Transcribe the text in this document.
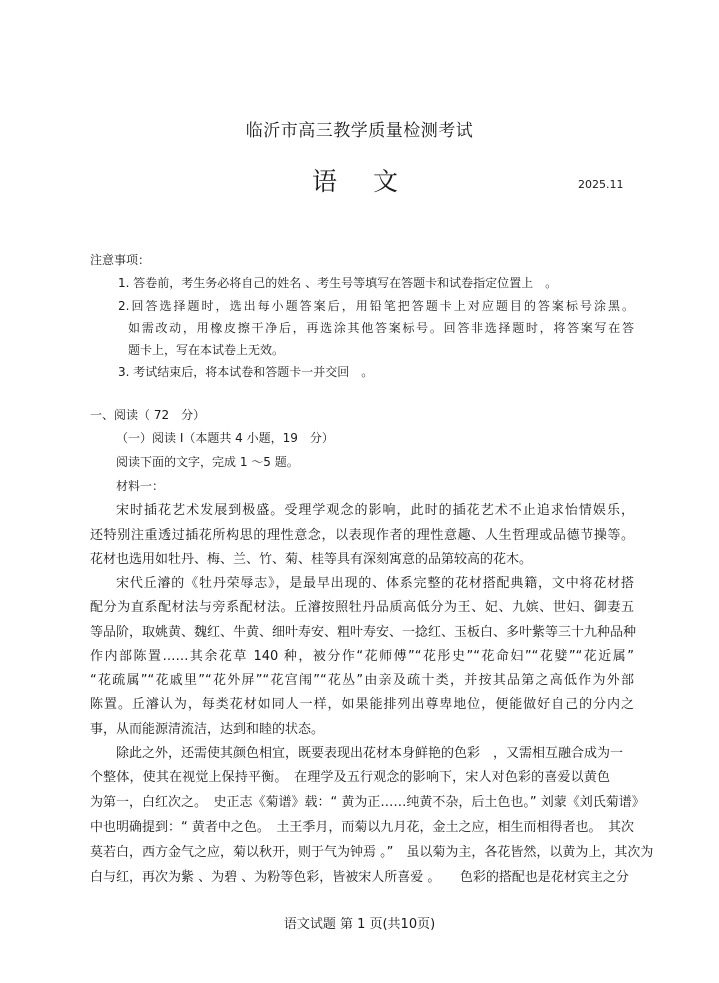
临沂市高三教学质量检测考试
语文	2025.11
注意事项：
1. 答卷前，考生务必将自己的姓名 、考生号等填写在答题卡和试卷指定位置上　。
2.回答选择题时，选出每小题答案后，用铅笔把答题卡上对应题目的答案标号涂黑。
如需改动，用橡皮擦干净后，再选涂其他答案标号。回答非选择题时，将答案写在答
题卡上，写在本试卷上无效。
3. 考试结束后，将本试卷和答题卡一并交回　。
一、阅读（ 72　分）
（一）阅读 Ⅰ（本题共 4 小题，19　分）
阅读下面的文字，完成 1 ～5 题。
材料一：
宋时插花艺术发展到极盛。受理学观念的影响，此时的插花艺术不止追求怡情娱乐，
还特别注重透过插花所构思的理性意念，以表现作者的理性意趣、人生哲理或品德节操等。
花材也选用如牡丹、梅、兰、竹、菊、桂等具有深刻寓意的品第较高的花木。
宋代丘濬的《牡丹荣辱志》，是最早出现的、体系完整的花材搭配典籍，文中将花材搭
配分为直系配材法与旁系配材法。丘濬按照牡丹品质高低分为王、妃、九嫔、世妇、御妻五
等品阶，取姚黄、魏红、牛黄、细叶寿安、粗叶寿安、一捻红、玉板白、多叶紫等三十九种品种
作内部陈置……其余花草 140 种，被分作“花师傅”“花彤史”“花命妇”“花嬖”“花近属”
“花疏属”“花戚里”“花外屏”“花宫闱”“花丛”由亲及疏十类，并按其品第之高低作为外部
陈置。丘濬认为，每类花材如同人一样，如果能排列出尊卑地位，便能做好自己的分内之
事，从而能源清流洁，达到和睦的状态。
除此之外，还需使其颜色相宜，既要表现出花材本身鲜艳的色彩　，又需相互融合成为一
个整体，使其在视觉上保持平衡。　在理学及五行观念的影响下，宋人对色彩的喜爱以黄色
为第一，白红次之。　史正志《菊谱》载：“ 黄为正……纯黄不杂，后土色也。” 刘蒙《刘氏菊谱》
中也明确提到：“ 黄者中之色。　土王季月，而菊以九月花，金土之应，相生而相得者也。　其次
莫若白，西方金气之应，菊以秋开，则于气为钟焉 。”　虽以菊为主，各花皆然，以黄为上，其次为
白与红，再次为紫 、为碧 、为粉等色彩，皆被宋人所喜爱 。　　色彩的搭配也是花材宾主之分
语文试题 第 1 页(共10页)
